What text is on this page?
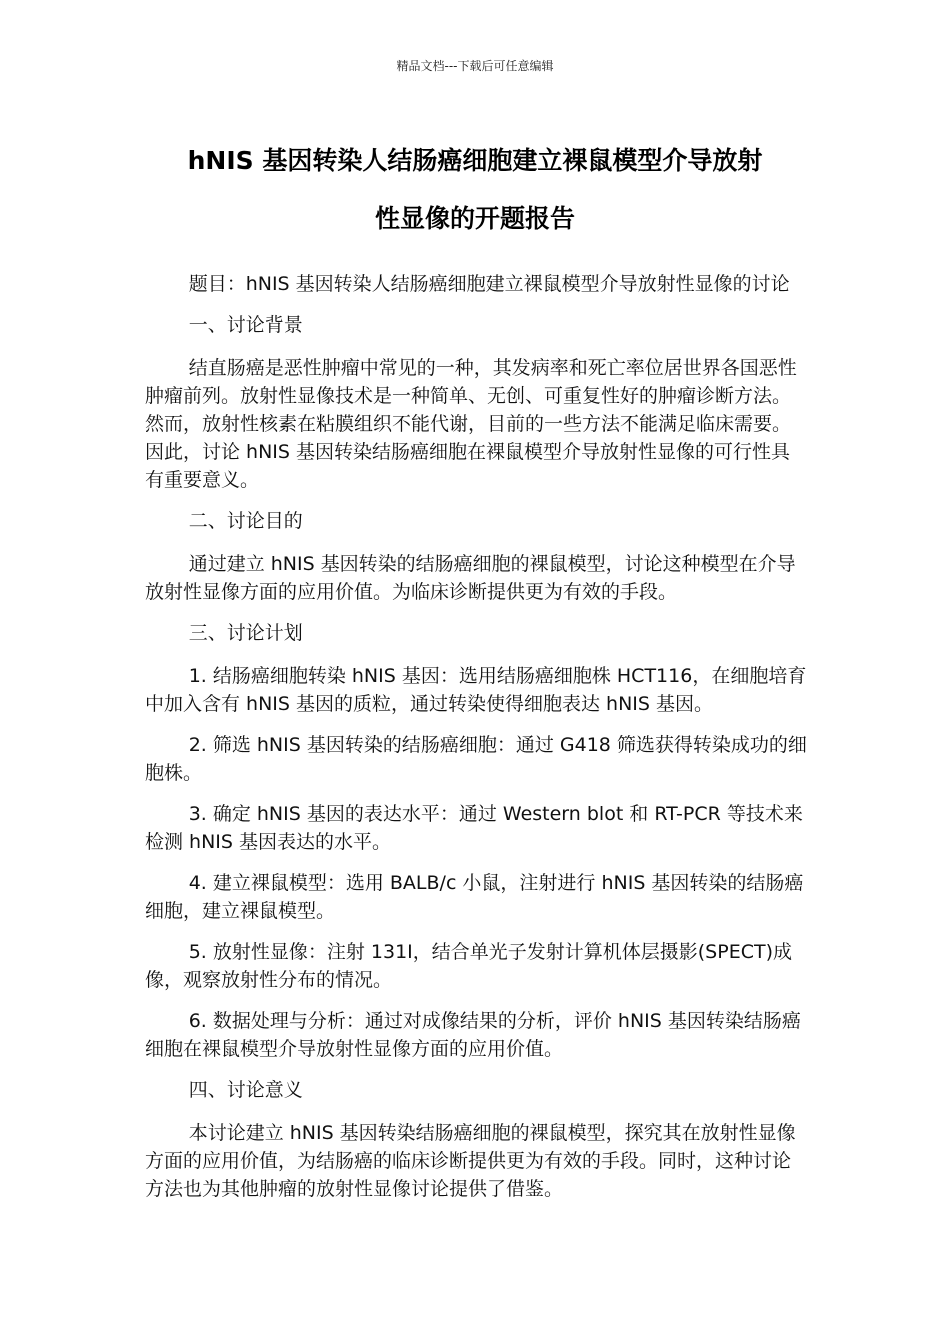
精品文档---下载后可任意编辑
hNIS 基因转染人结肠癌细胞建立裸鼠模型介导放射
性显像的开题报告

题目：hNIS 基因转染人结肠癌细胞建立裸鼠模型介导放射性显像的讨论

一、讨论背景

结直肠癌是恶性肿瘤中常见的一种，其发病率和死亡率位居世界各国恶性肿瘤前列。放射性显像技术是一种简单、无创、可重复性好的肿瘤诊断方法。然而，放射性核素在粘膜组织不能代谢，目前的一些方法不能满足临床需要。因此，讨论 hNIS 基因转染结肠癌细胞在裸鼠模型介导放射性显像的可行性具有重要意义。

二、讨论目的

通过建立 hNIS 基因转染的结肠癌细胞的裸鼠模型，讨论这种模型在介导放射性显像方面的应用价值。为临床诊断提供更为有效的手段。

三、讨论计划

1. 结肠癌细胞转染 hNIS 基因：选用结肠癌细胞株 HCT116，在细胞培育中加入含有 hNIS 基因的质粒，通过转染使得细胞表达 hNIS 基因。

2. 筛选 hNIS 基因转染的结肠癌细胞：通过 G418 筛选获得转染成功的细胞株。

3. 确定 hNIS 基因的表达水平：通过 Western blot 和 RT-PCR 等技术来检测 hNIS 基因表达的水平。

4. 建立裸鼠模型：选用 BALB/c 小鼠，注射进行 hNIS 基因转染的结肠癌细胞，建立裸鼠模型。

5. 放射性显像：注射 131I，结合单光子发射计算机体层摄影(SPECT)成像，观察放射性分布的情况。

6. 数据处理与分析：通过对成像结果的分析，评价 hNIS 基因转染结肠癌细胞在裸鼠模型介导放射性显像方面的应用价值。

四、讨论意义

本讨论建立 hNIS 基因转染结肠癌细胞的裸鼠模型，探究其在放射性显像方面的应用价值，为结肠癌的临床诊断提供更为有效的手段。同时，这种讨论方法也为其他肿瘤的放射性显像讨论提供了借鉴。
